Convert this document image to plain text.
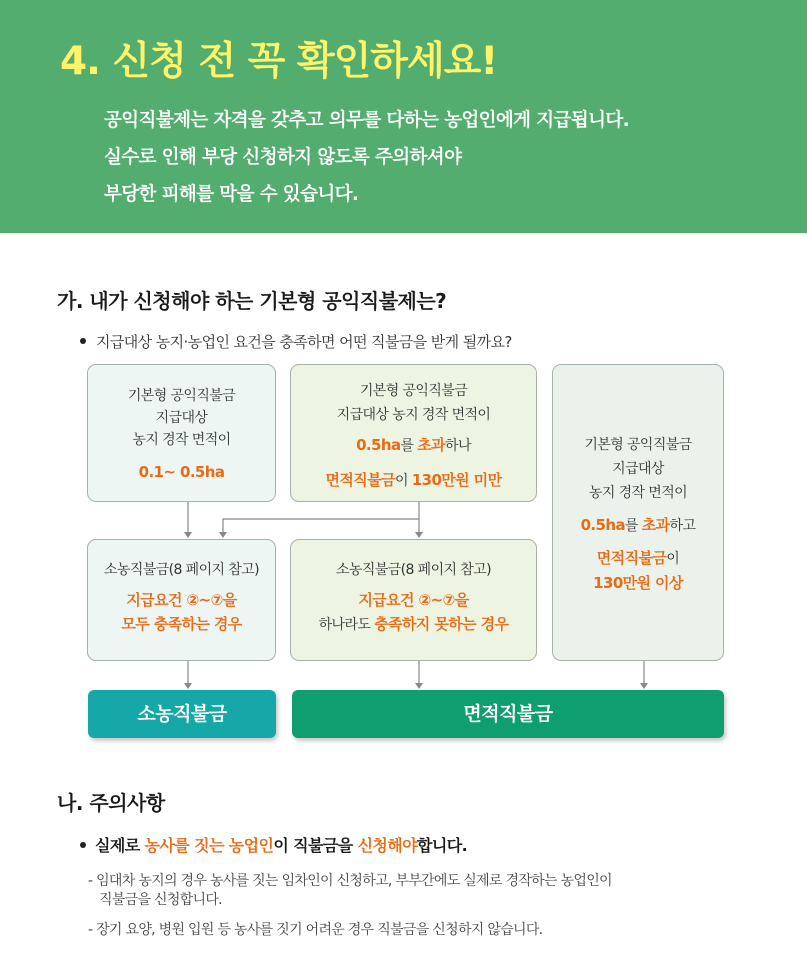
4. 신청 전 꼭 확인하세요!
공익직불제는 자격을 갖추고 의무를 다하는 농업인에게 지급됩니다.
실수로 인해 부당 신청하지 않도록 주의하셔야
부당한 피해를 막을 수 있습니다.
가. 내가 신청해야 하는 기본형 공익직불제는?
지급대상 농지·농업인 요건을 충족하면 어떤 직불금을 받게 될까요?
기본형 공익직불금
지급대상
농지 경작 면적이
0.1~ 0.5ha
기본형 공익직불금
지급대상 농지 경작 면적이
0.5ha를 초과하나
면적직불금이 130만원 미만
기본형 공익직불금
지급대상
농지 경작 면적이
0.5ha를 초과하고
면적직불금이
130만원 이상
소농직불금(8 페이지 참고)
지급요건 ②~⑦을
모두 충족하는 경우
소농직불금(8 페이지 참고)
지급요건 ②~⑦을
하나라도 충족하지 못하는 경우
소농직불금	면적직불금
나. 주의사항
실제로 농사를 짓는 농업인이 직불금을 신청해야합니다.
- 임대차 농지의 경우 농사를 짓는 임차인이 신청하고, 부부간에도 실제로 경작하는 농업인이
직불금을 신청합니다.
- 장기 요양, 병원 입원 등 농사를 짓기 어려운 경우 직불금을 신청하지 않습니다.
